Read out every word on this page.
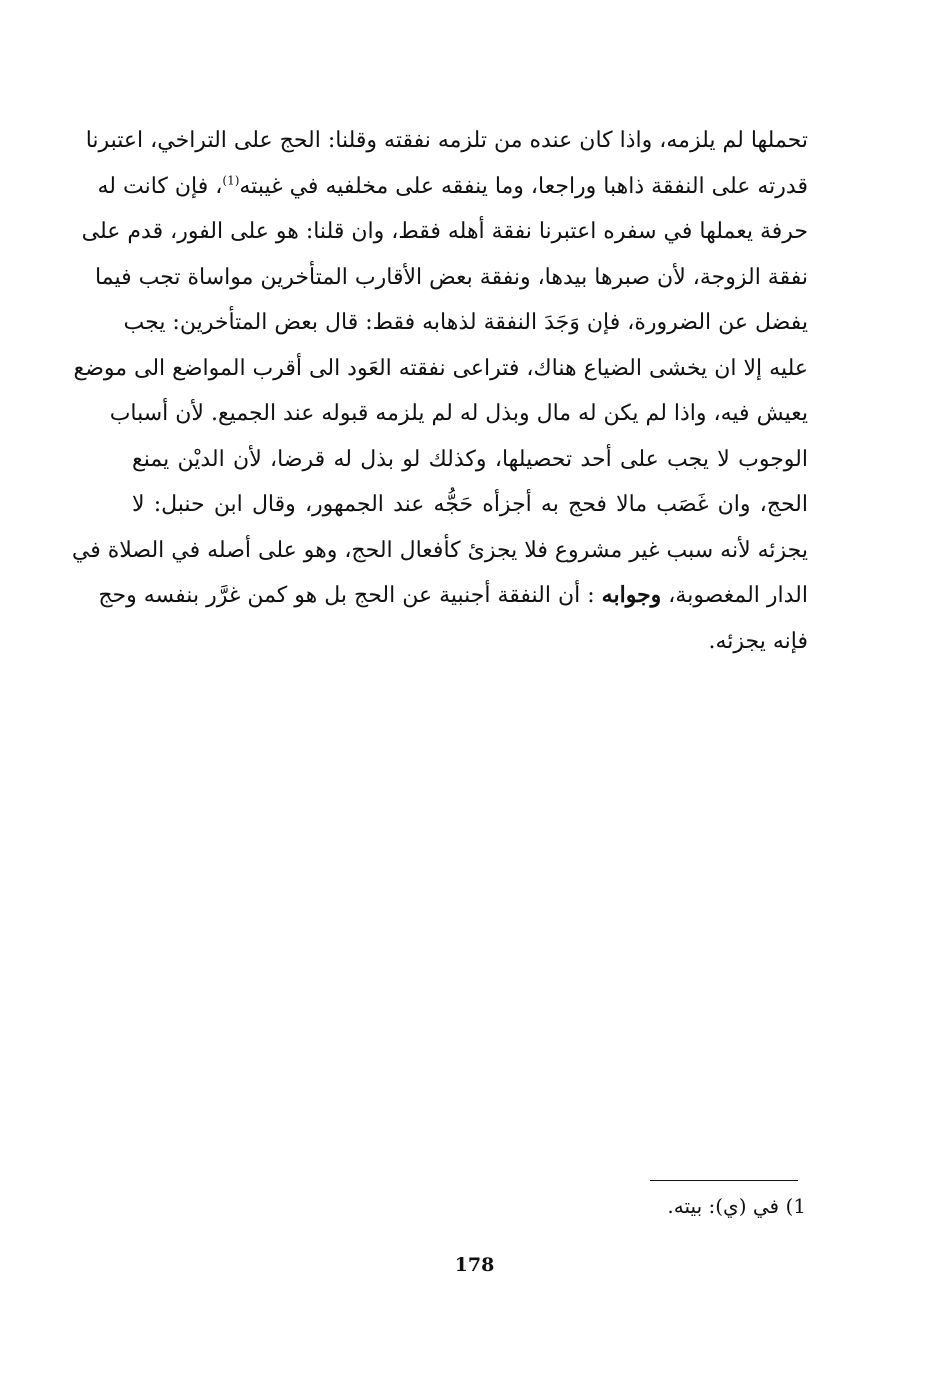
تحملها لم يلزمه، واذا كان عنده من تلزمه نفقته وقلنا: الحج على التراخي، اعتبرنا
قدرته على النفقة ذاهبا وراجعا، وما ينفقه على مخلفيه في غيبته$^{(1)}$، فإن كانت له
حرفة يعملها في سفره اعتبرنا نفقة أهله فقط، وان قلنا: هو على الفور، قدم على
نفقة الزوجة، لأن صبرها بيدها، ونفقة بعض الأقارب المتأخرين مواساة تجب فيما
يفضل عن الضرورة، فإن وَجَدَ النفقة لذهابه فقط: قال بعض المتأخرين: يجب
عليه إلا ان يخشى الضياع هناك، فتراعى نفقته العَود الى أقرب المواضع الى موضع
يعيش فيه، واذا لم يكن له مال وبذل له لم يلزمه قبوله عند الجميع. لأن أسباب
الوجوب لا يجب على أحد تحصيلها، وكذلك لو بذل له قرضا، لأن الديْن يمنع
الحج، وان غَصَب مالا فحج به أجزأه حَجُّه عند الجمهور، وقال ابن حنبل: لا
يجزئه لأنه سبب غير مشروع فلا يجزئ كأفعال الحج، وهو على أصله في الصلاة في
الدار المغصوبة، وجوابه : أن النفقة أجنبية عن الحج بل هو كمن غرَّر بنفسه وحج
فإنه يجزئه.
1) في (ي): بيته.
178
